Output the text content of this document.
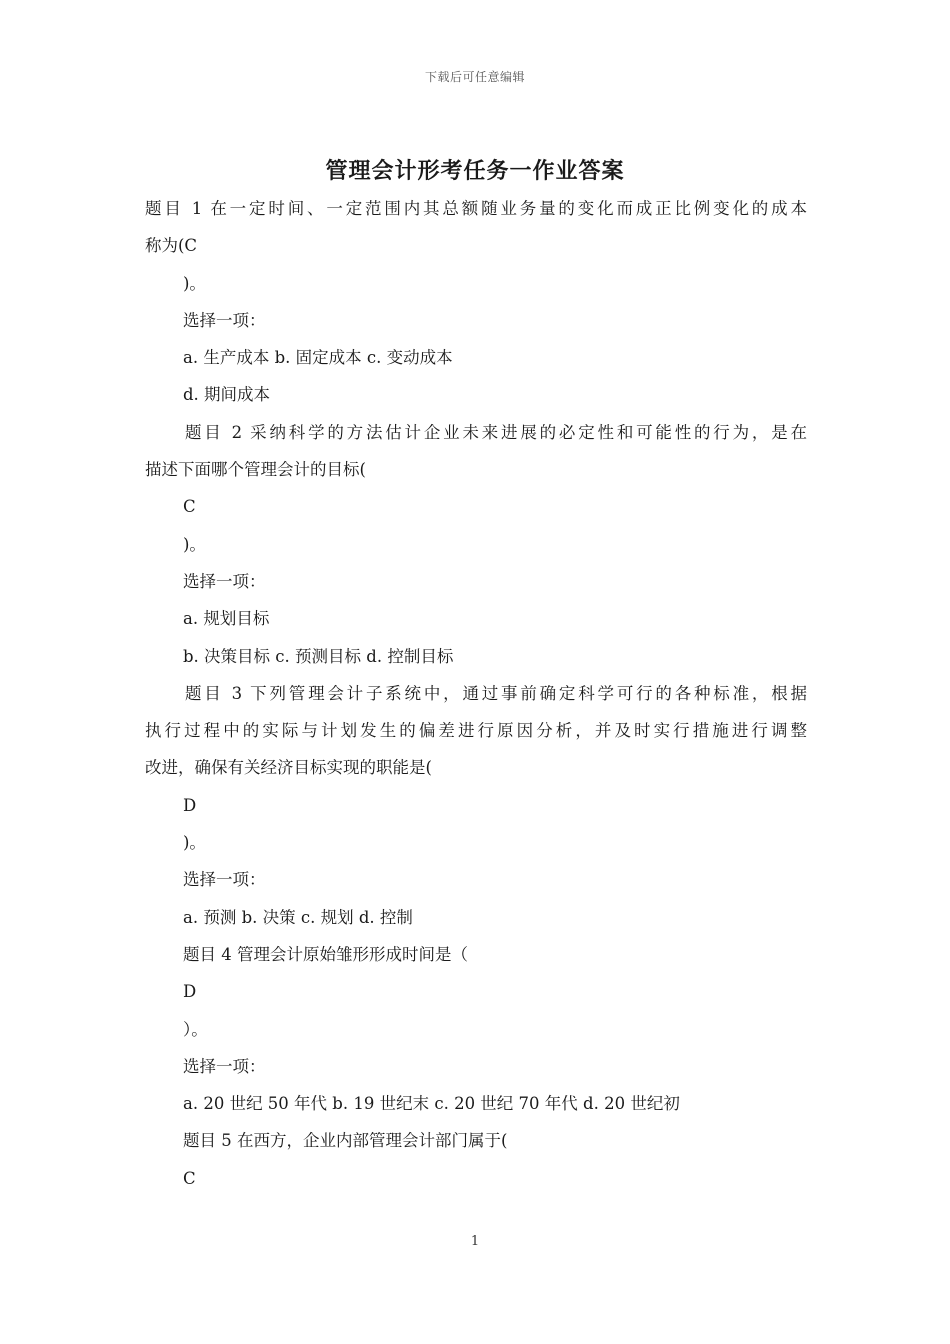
下载后可任意编辑
管理会计形考任务一作业答案
题目 1 在一定时间、一定范围内其总额随业务量的变化而成正比例变化的成本
称为(C
)。
选择一项：
a. 生产成本 b. 固定成本 c. 变动成本
d. 期间成本
题目 2 采纳科学的方法估计企业未来进展的必定性和可能性的行为，是在
描述下面哪个管理会计的目标(
C
)。
选择一项：
a. 规划目标
b. 决策目标 c. 预测目标 d. 控制目标
题目 3 下列管理会计子系统中，通过事前确定科学可行的各种标准，根据
执行过程中的实际与计划发生的偏差进行原因分析，并及时实行措施进行调整
改进，确保有关经济目标实现的职能是(
D
)。
选择一项：
a. 预测 b. 决策 c. 规划 d. 控制
题目 4 管理会计原始雏形形成时间是（
D
）。
选择一项：
a. 20 世纪 50 年代 b. 19 世纪末 c. 20 世纪 70 年代 d. 20 世纪初
题目 5 在西方，企业内部管理会计部门属于(
C
1
